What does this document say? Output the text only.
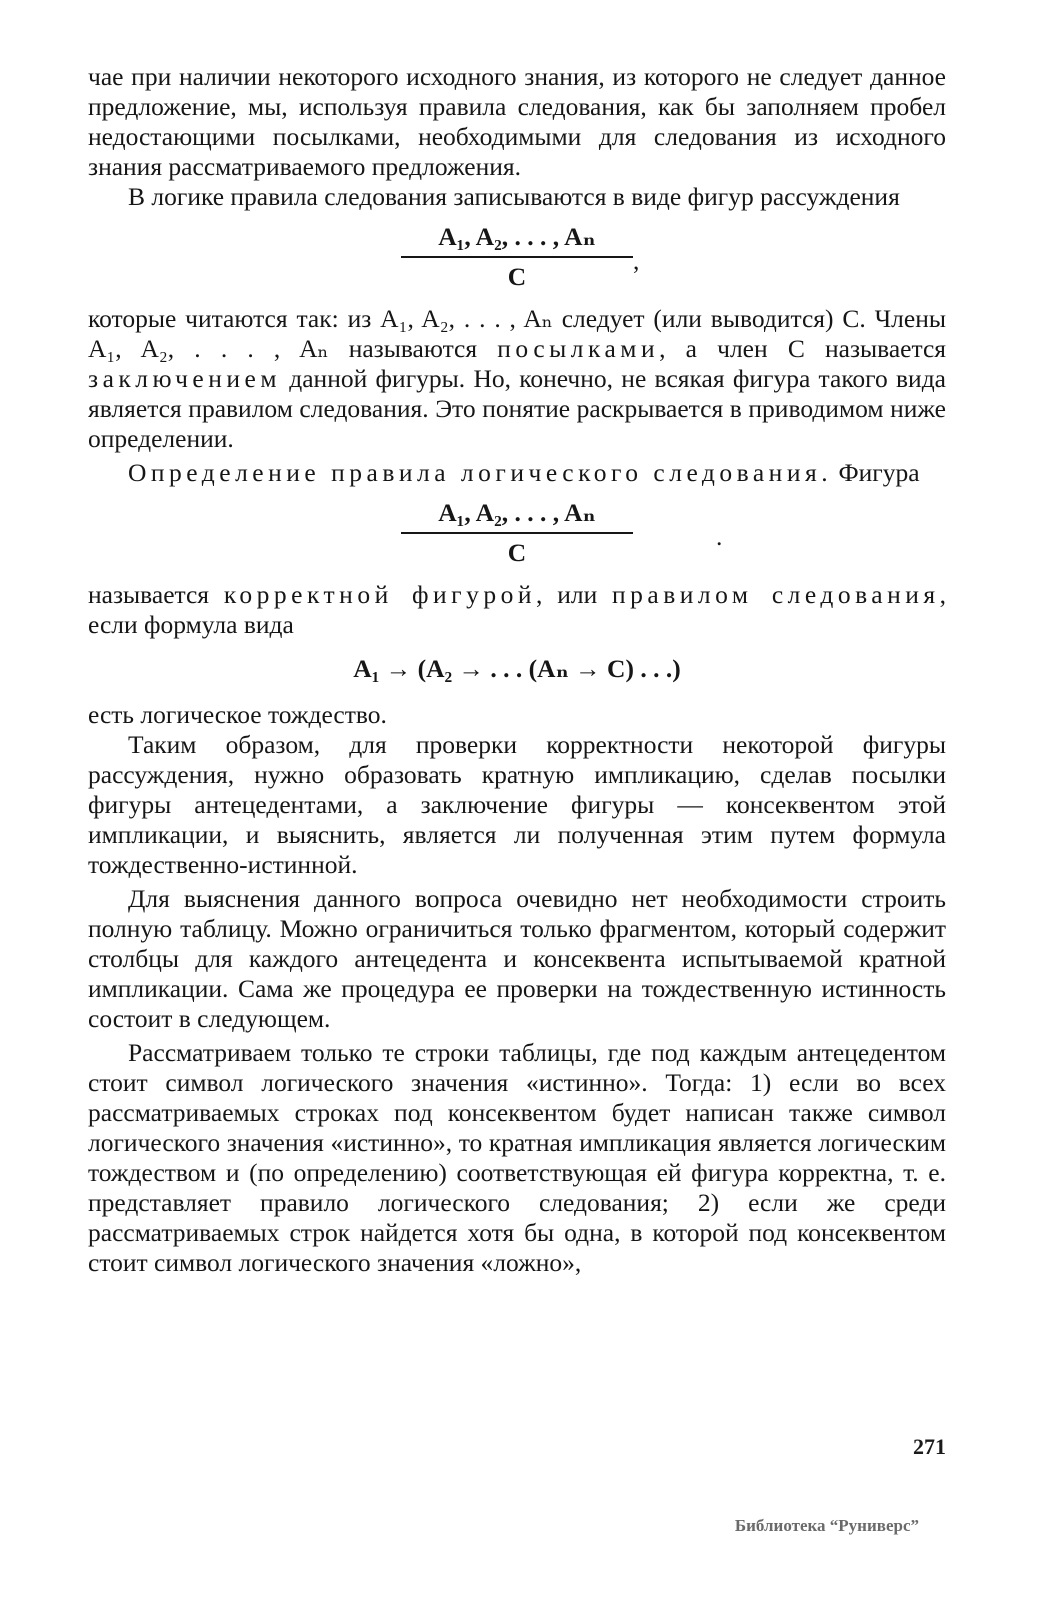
чае при наличии некоторого исходного знания, из которого не следует данное предложение, мы, используя правила следования, как бы заполняем пробел недостающими посылками, необходимыми для следования из исходного знания рассматриваемого предложения.

В логике правила следования записываются в виде фигур рассуждения

A₁, A₂, . . . , Aₙ
C
,

которые читаются так: из A₁, A₂, . . . , Aₙ следует (или выводится) C. Члены A₁, A₂, . . . , Aₙ называются посылками, а член C называется заключением данной фигуры. Но, конечно, не всякая фигура такого вида является правилом следования. Это понятие раскрывается в приводимом ниже определении.

Определение правила логического следования. Фигура

A₁, A₂, . . . , Aₙ
C
.

называется корректной фигурой, или правилом следования, если формула вида

A₁ → (A₂ → . . . (Aₙ → C) . . .)

есть логическое тождество.

Таким образом, для проверки корректности некоторой фигуры рассуждения, нужно образовать кратную импликацию, сделав посылки фигуры антецедентами, а заключение фигуры — консеквентом этой импликации, и выяснить, является ли полученная этим путем формула тождественно-истинной.

Для выяснения данного вопроса очевидно нет необходимости строить полную таблицу. Можно ограничиться только фрагментом, который содержит столбцы для каждого антецедента и консеквента испытываемой кратной импликации. Сама же процедура ее проверки на тождественную истинность состоит в следующем.

Рассматриваем только те строки таблицы, где под каждым антецедентом стоит символ логического значения «истинно». Тогда: 1) если во всех рассматриваемых строках под консеквентом будет написан также символ логического значения «истинно», то кратная импликация является логическим тождеством и (по определению) соответствующая ей фигура корректна, т. е. представляет правило логического следования; 2) если же среди рассматриваемых строк найдется хотя бы одна, в которой под консеквентом стоит символ логического значения «ложно»,

271
Библиотека “Руниверс”
